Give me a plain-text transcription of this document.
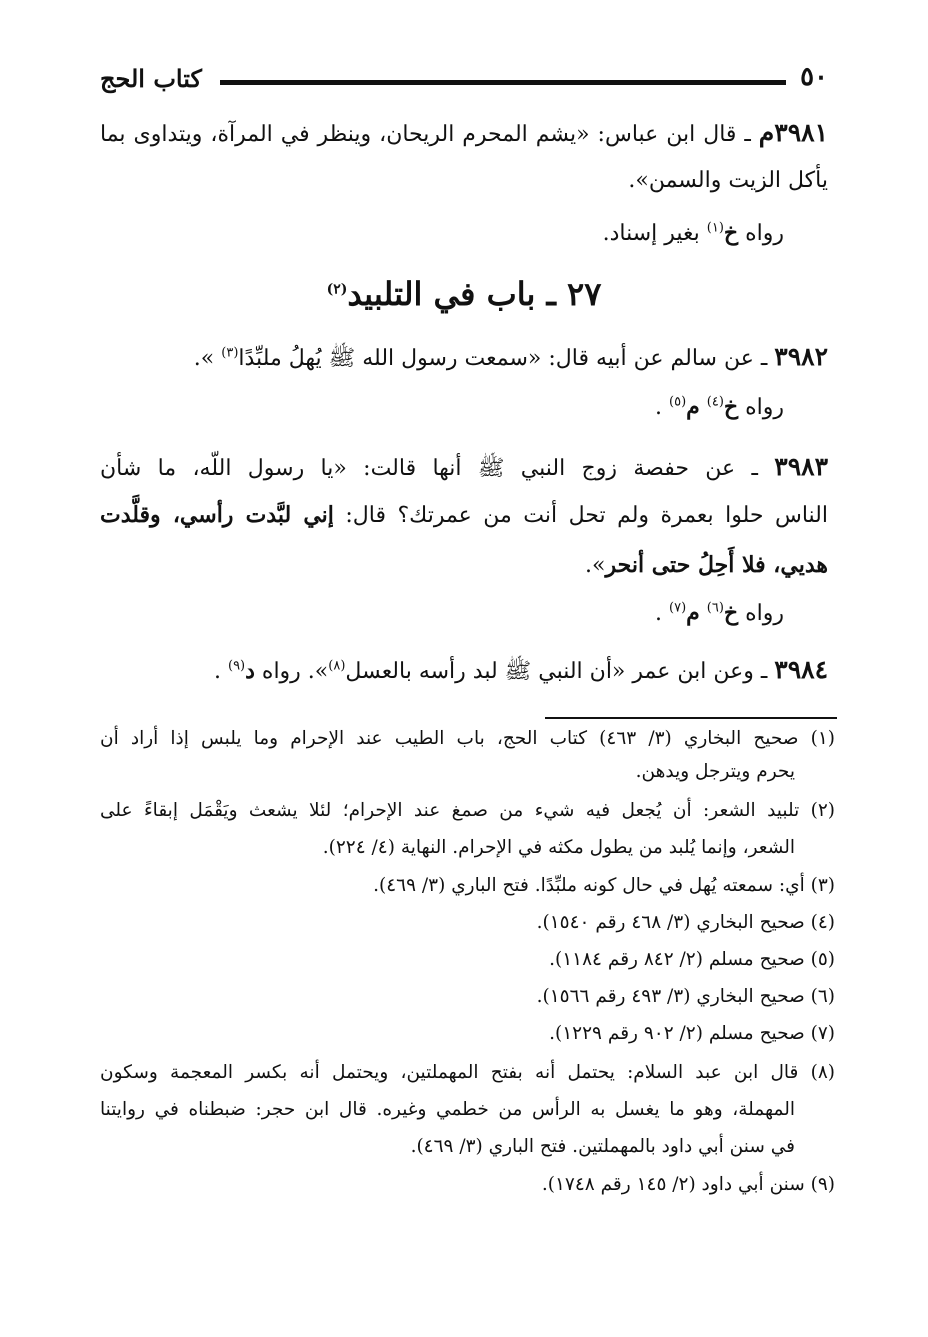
٥٠
كتاب الحج
٣٩٨١م ـ قال ابن عباس: «يشم المحرم الريحان، وينظر في المرآة، ويتداوى بما
يأكل الزيت والسمن».
رواه خ$^{(١)}$ بغير إسناد.
٢٧ ـ باب في التلبيد$^{(٢)}$
٣٩٨٢ ـ عن سالم عن أبيه قال: «سمعت رسول الله ﷺ يُهلُ ملبِّدًا$^{(٣)}$ ».
رواه خ$^{(٤)}$ م$^{(٥)}$ .
٣٩٨٣ ـ عن حفصة زوج النبي ﷺ أنها قالت: «يا رسول اللّه، ما شأن
الناس حلوا بعمرة ولم تحل أنت من عمرتك؟ قال: إني لبَّدت رأسي، وقلَّدت
هديي، فلا أَحِلُ حتى أنحر».
رواه خ$^{(٦)}$ م$^{(٧)}$ .
٣٩٨٤ ـ وعن ابن عمر «أن النبي ﷺ لبد رأسه بالعسل$^{(٨)}$». رواه د$^{(٩)}$ .
(١) صحيح البخاري (٣/ ٤٦٣) كتاب الحج، باب الطيب عند الإحرام وما يلبس إذا أراد أن
يحرم ويترجل ويدهن.
(٢) تلبيد الشعر: أن يُجعل فيه شيء من صمغ عند الإحرام؛ لئلا يشعث ويَقْمَل إبقاءً على
الشعر، وإنما يُلبد من يطول مكثه في الإحرام. النهاية (٤/ ٢٢٤).
(٣) أي: سمعته يُهل في حال كونه ملبِّدًا. فتح الباري (٣/ ٤٦٩).
(٤) صحيح البخاري (٣/ ٤٦٨ رقم ١٥٤٠).
(٥) صحيح مسلم (٢/ ٨٤٢ رقم ١١٨٤).
(٦) صحيح البخاري (٣/ ٤٩٣ رقم ١٥٦٦).
(٧) صحيح مسلم (٢/ ٩٠٢ رقم ١٢٢٩).
(٨) قال ابن عبد السلام: يحتمل أنه بفتح المهملتين، ويحتمل أنه بكسر المعجمة وسكون
المهملة، وهو ما يغسل به الرأس من خطمي وغيره. قال ابن حجر: ضبطناه في روايتنا
في سنن أبي داود بالمهملتين. فتح الباري (٣/ ٤٦٩).
(٩) سنن أبي داود (٢/ ١٤٥ رقم ١٧٤٨).
